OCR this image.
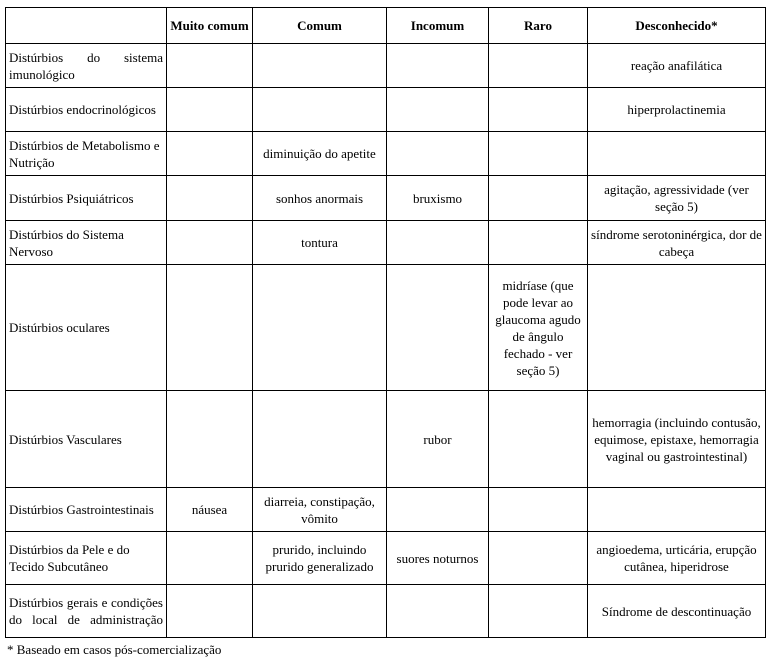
	Muito comum	Comum	Incomum	Raro	Desconhecido*
Distúrbios do sistema imunológico					reação anafilática
Distúrbios endocrinológicos					hiperprolactinemia
Distúrbios de Metabolismo e Nutrição		diminuição do apetite			
Distúrbios Psiquiátricos		sonhos anormais	bruxismo		agitação, agressividade (ver seção 5)
Distúrbios do Sistema Nervoso		tontura			síndrome serotoninérgica, dor de cabeça
Distúrbios oculares				midríase (que pode levar ao glaucoma agudo de ângulo fechado - ver seção 5)	
Distúrbios Vasculares			rubor		hemorragia (incluindo contusão, equimose, epistaxe, hemorragia vaginal ou gastrointestinal)
Distúrbios Gastrointestinais	náusea	diarreia, constipação, vômito			
Distúrbios da Pele e do Tecido Subcutâneo		prurido, incluindo prurido generalizado	suores noturnos		angioedema, urticária, erupção cutânea, hiperidrose
Distúrbios gerais e condições do local de administração					Síndrome de descontinuação
* Baseado em casos pós-comercialização
